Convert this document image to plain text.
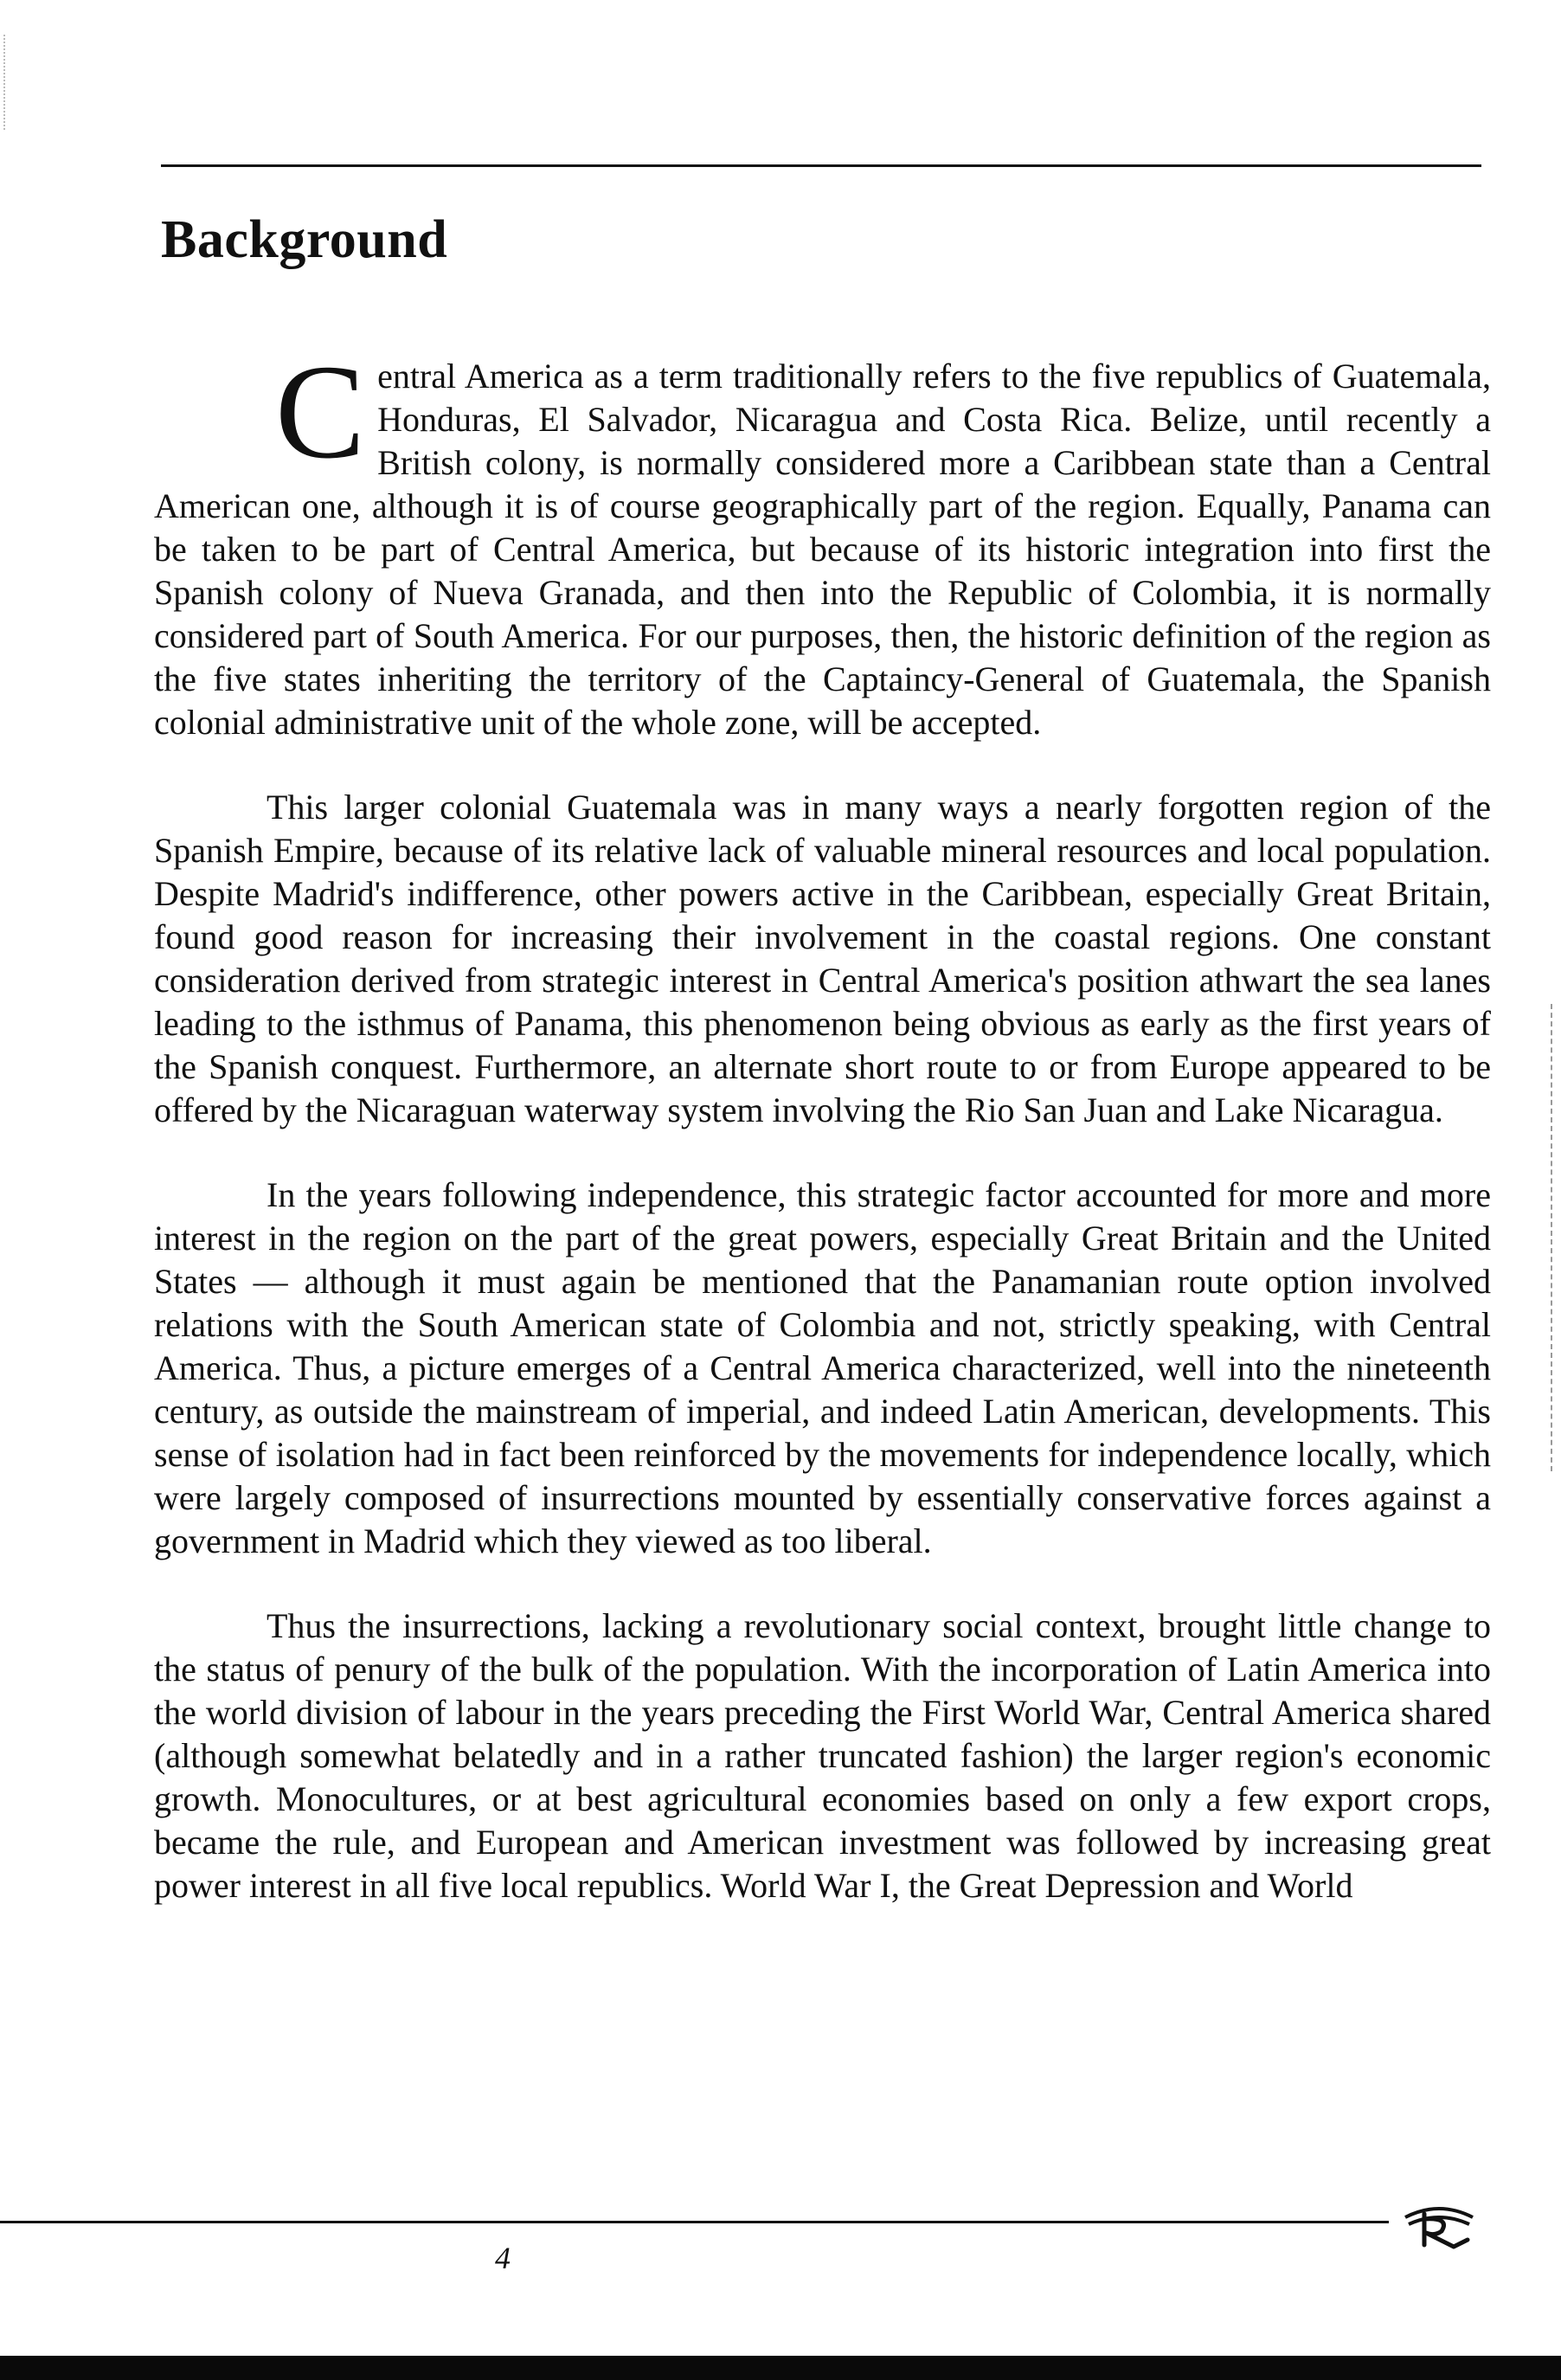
Background

Central America as a term traditionally refers to the five republics of Guatemala, Honduras, El Salvador, Nicaragua and Costa Rica. Belize, until recently a British colony, is normally considered more a Caribbean state than a Central American one, although it is of course geographically part of the region. Equally, Panama can be taken to be part of Central America, but because of its historic integration into first the Spanish colony of Nueva Granada, and then into the Republic of Colombia, it is normally considered part of South America. For our purposes, then, the historic definition of the region as the five states inheriting the territory of the Captaincy-General of Guatemala, the Spanish colonial administrative unit of the whole zone, will be accepted.

This larger colonial Guatemala was in many ways a nearly forgotten region of the Spanish Empire, because of its relative lack of valuable mineral resources and local population. Despite Madrid's indifference, other powers active in the Caribbean, especially Great Britain, found good reason for increasing their involvement in the coastal regions. One constant consideration derived from strategic interest in Central America's position athwart the sea lanes leading to the isthmus of Panama, this phenomenon being obvious as early as the first years of the Spanish conquest. Furthermore, an alternate short route to or from Europe appeared to be offered by the Nicaraguan waterway system involving the Rio San Juan and Lake Nicaragua.

In the years following independence, this strategic factor accounted for more and more interest in the region on the part of the great powers, especially Great Britain and the United States — although it must again be mentioned that the Panamanian route option involved relations with the South American state of Colombia and not, strictly speaking, with Central America. Thus, a picture emerges of a Central America characterized, well into the nineteenth century, as outside the mainstream of imperial, and indeed Latin American, developments. This sense of isolation had in fact been reinforced by the movements for independence locally, which were largely composed of insurrections mounted by essentially conservative forces against a government in Madrid which they viewed as too liberal.

Thus the insurrections, lacking a revolutionary social context, brought little change to the status of penury of the bulk of the population. With the incorporation of Latin America into the world division of labour in the years preceding the First World War, Central America shared (although somewhat belatedly and in a rather truncated fashion) the larger region's economic growth. Monocultures, or at best agricultural economies based on only a few export crops, became the rule, and European and American investment was followed by increasing great power interest in all five local republics. World War I, the Great Depression and World

4
